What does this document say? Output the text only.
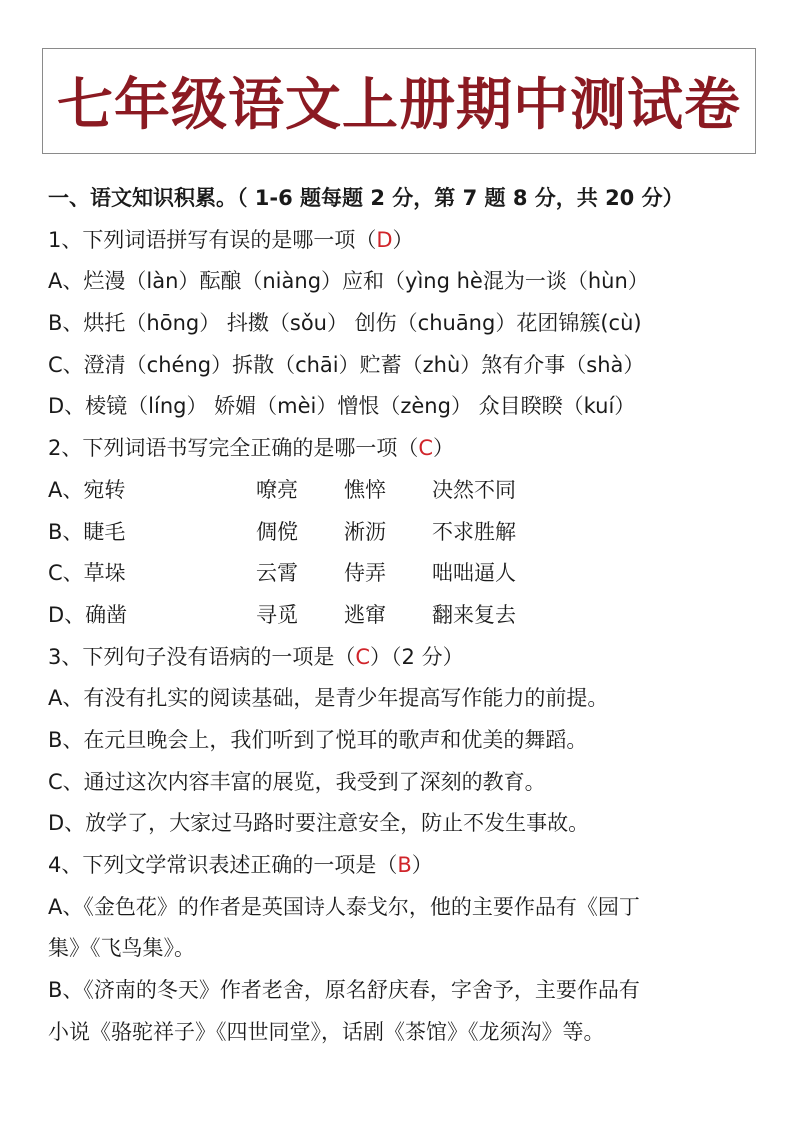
七年级语文上册期中测试卷
一、语文知识积累。（ 1-6 题每题 2 分，第 7 题 8 分，共 20 分）
1、下列词语拼写有误的是哪一项（D）
A、烂漫（làn）酝酿（niàng）应和（yìng hè混为一谈（hùn）
B、烘托（hōng） 抖擞（sǒu） 创伤（chuāng）花团锦簇(cù)
C、澄清（chéng）拆散（chāi）贮蓄（zhù）煞有介事（shà）
D、棱镜（líng） 娇媚（mèi）憎恨（zèng） 众目睽睽（kuí）
2、下列词语书写完全正确的是哪一项（C）
A、宛转	嘹亮 憔悴 决然不同
B、睫毛	倜傥 淅沥 不求胜解
C、草垛	云霄 侍弄 咄咄逼人
D、确凿	寻觅 逃窜 翻来复去
3、下列句子没有语病的一项是（C）（2 分）
A、有没有扎实的阅读基础，是青少年提高写作能力的前提。
B、在元旦晚会上，我们听到了悦耳的歌声和优美的舞蹈。
C、通过这次内容丰富的展览，我受到了深刻的教育。
D、放学了，大家过马路时要注意安全，防止不发生事故。
4、下列文学常识表述正确的一项是（B）
A、《金色花》的作者是英国诗人泰戈尔，他的主要作品有《园丁
集》《飞鸟集》。
B、《济南的冬天》作者老舍，原名舒庆春，字舍予，主要作品有
小说《骆驼祥子》《四世同堂》，话剧《茶馆》《龙须沟》等。
